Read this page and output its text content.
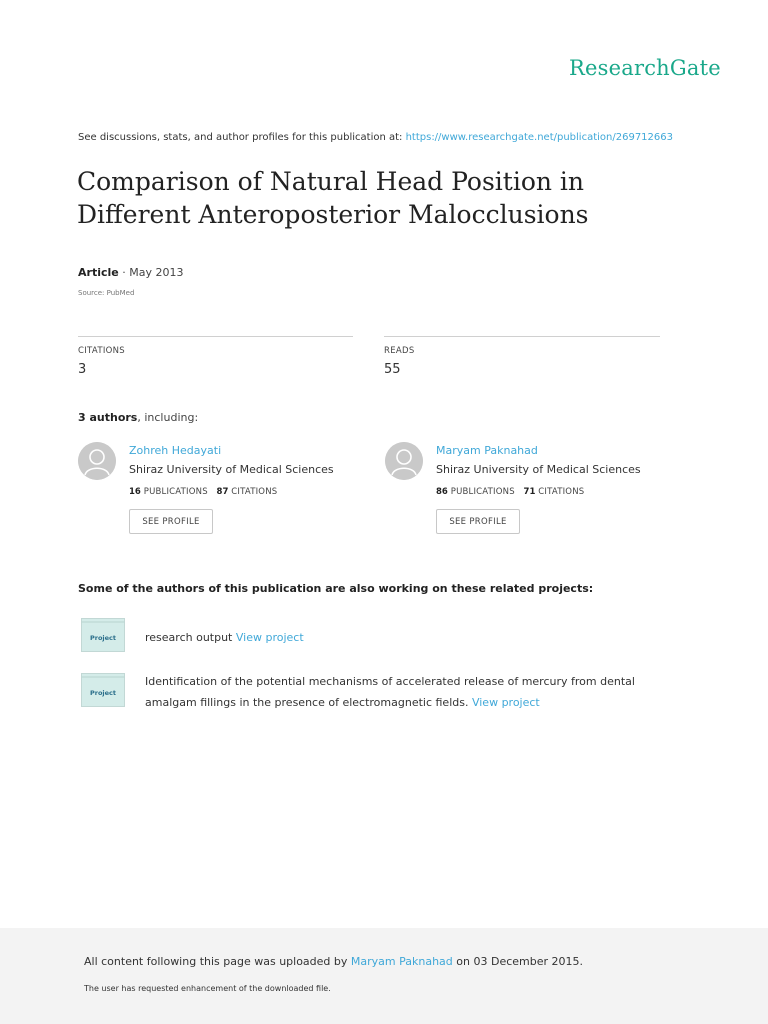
ResearchGate
See discussions, stats, and author profiles for this publication at: https://www.researchgate.net/publication/269712663
Comparison of Natural Head Position in Different Anteroposterior Malocclusions
Article · May 2013
Source: PubMed
CITATIONS
3
READS
55
3 authors, including:
Zohreh Hedayati
Shiraz University of Medical Sciences
16 PUBLICATIONS 87 CITATIONS
SEE PROFILE
Maryam Paknahad
Shiraz University of Medical Sciences
86 PUBLICATIONS 71 CITATIONS
SEE PROFILE
Some of the authors of this publication are also working on these related projects:
Project	research output View project
Project
Identification of the potential mechanisms of accelerated release of mercury from dental amalgam fillings in the presence of electromagnetic fields. View project
All content following this page was uploaded by Maryam Paknahad on 03 December 2015.
The user has requested enhancement of the downloaded file.
